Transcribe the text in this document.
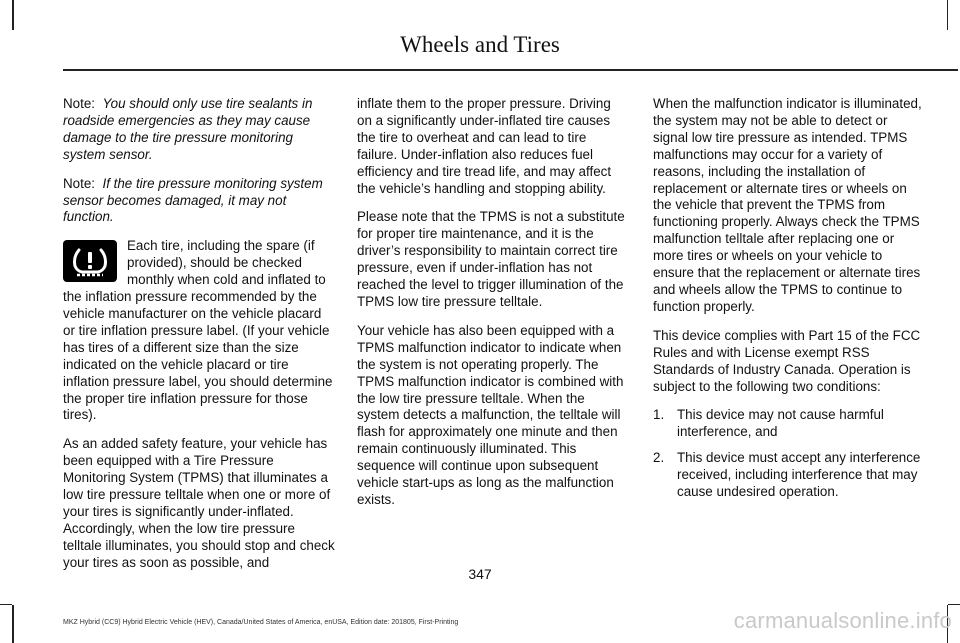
Wheels and Tires

Note: You should only use tire sealants in roadside emergencies as they may cause damage to the tire pressure monitoring system sensor.

Note: If the tire pressure monitoring system sensor becomes damaged, it may not function.

Each tire, including the spare (if provided), should be checked monthly when cold and inflated to the inflation pressure recommended by the vehicle manufacturer on the vehicle placard or tire inflation pressure label. (If your vehicle has tires of a different size than the size indicated on the vehicle placard or tire inflation pressure label, you should determine the proper tire inflation pressure for those tires).

As an added safety feature, your vehicle has been equipped with a Tire Pressure Monitoring System (TPMS) that illuminates a low tire pressure telltale when one or more of your tires is significantly under-inflated. Accordingly, when the low tire pressure telltale illuminates, you should stop and check your tires as soon as possible, and

inflate them to the proper pressure. Driving on a significantly under-inflated tire causes the tire to overheat and can lead to tire failure. Under-inflation also reduces fuel efficiency and tire tread life, and may affect the vehicle’s handling and stopping ability.

Please note that the TPMS is not a substitute for proper tire maintenance, and it is the driver’s responsibility to maintain correct tire pressure, even if under-inflation has not reached the level to trigger illumination of the TPMS low tire pressure telltale.

Your vehicle has also been equipped with a TPMS malfunction indicator to indicate when the system is not operating properly. The TPMS malfunction indicator is combined with the low tire pressure telltale. When the system detects a malfunction, the telltale will flash for approximately one minute and then remain continuously illuminated. This sequence will continue upon subsequent vehicle start-ups as long as the malfunction exists.

When the malfunction indicator is illuminated, the system may not be able to detect or signal low tire pressure as intended. TPMS malfunctions may occur for a variety of reasons, including the installation of replacement or alternate tires or wheels on the vehicle that prevent the TPMS from functioning properly. Always check the TPMS malfunction telltale after replacing one or more tires or wheels on your vehicle to ensure that the replacement or alternate tires and wheels allow the TPMS to continue to function properly.

This device complies with Part 15 of the FCC Rules and with License exempt RSS Standards of Industry Canada. Operation is subject to the following two conditions:

1. This device may not cause harmful interference, and
2. This device must accept any interference received, including interference that may cause undesired operation.
347
MKZ Hybrid (CC9) Hybrid Electric Vehicle (HEV), Canada/United States of America, enUSA, Edition date: 201805, First-Printing	carmanualsonline.info
